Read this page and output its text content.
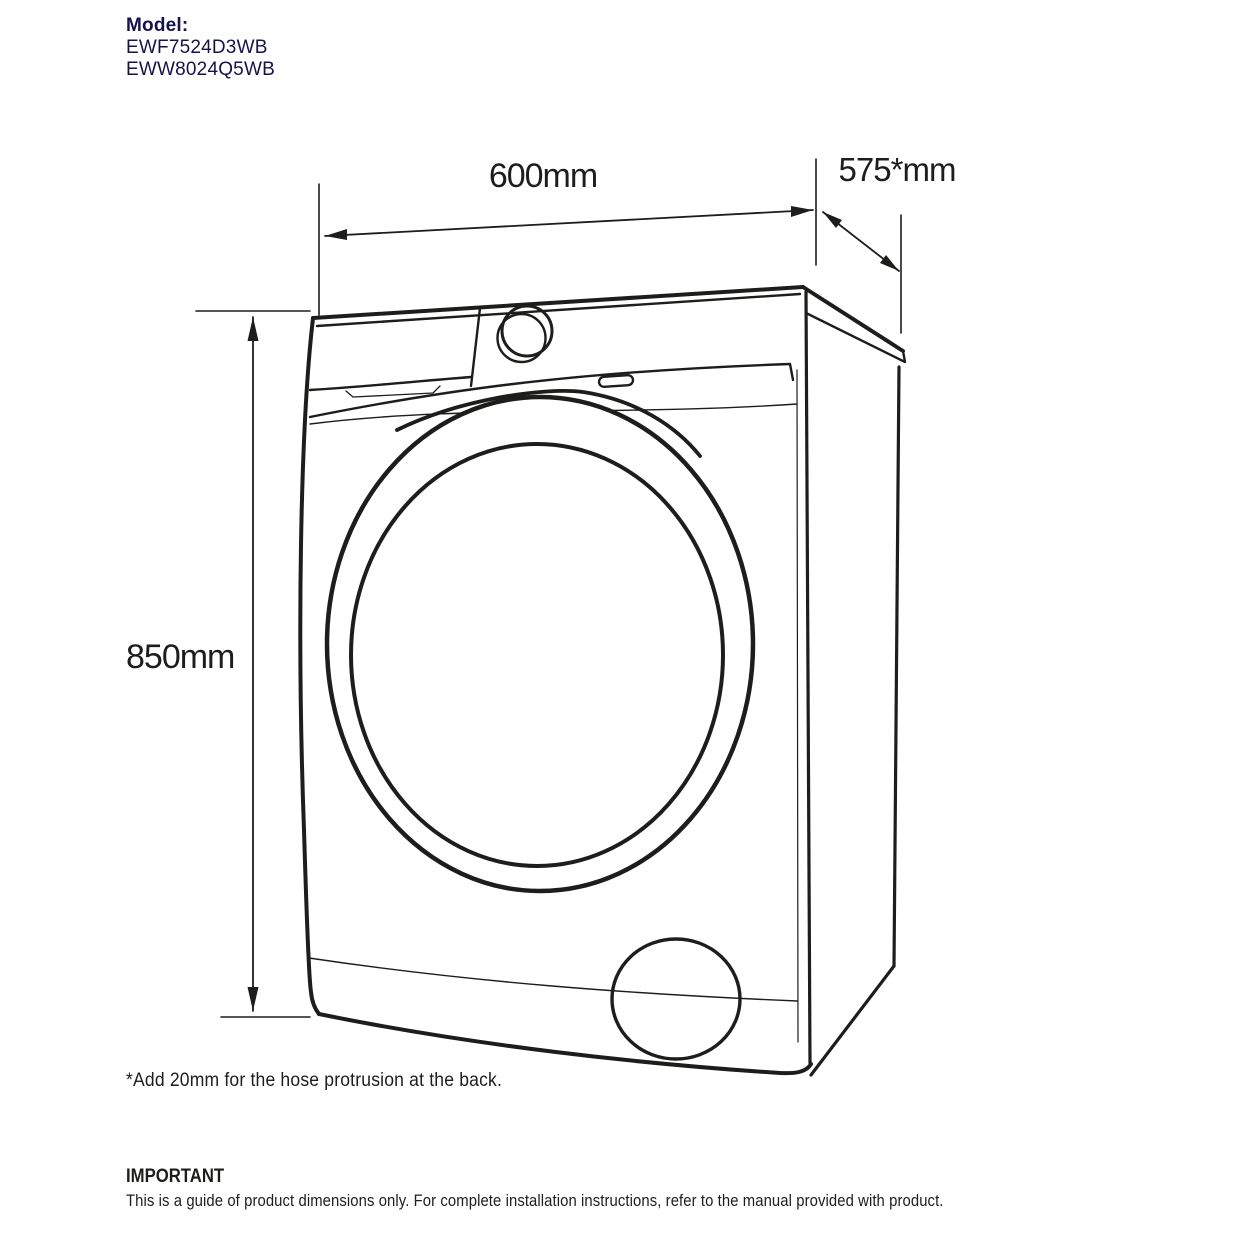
Model:
EWF7524D3WB
EWW8024Q5WB
600mm	575*mm
850mm
*Add 20mm for the hose protrusion at the back.
IMPORTANT
This is a guide of product dimensions only. For complete installation instructions, refer to the manual provided with product.
